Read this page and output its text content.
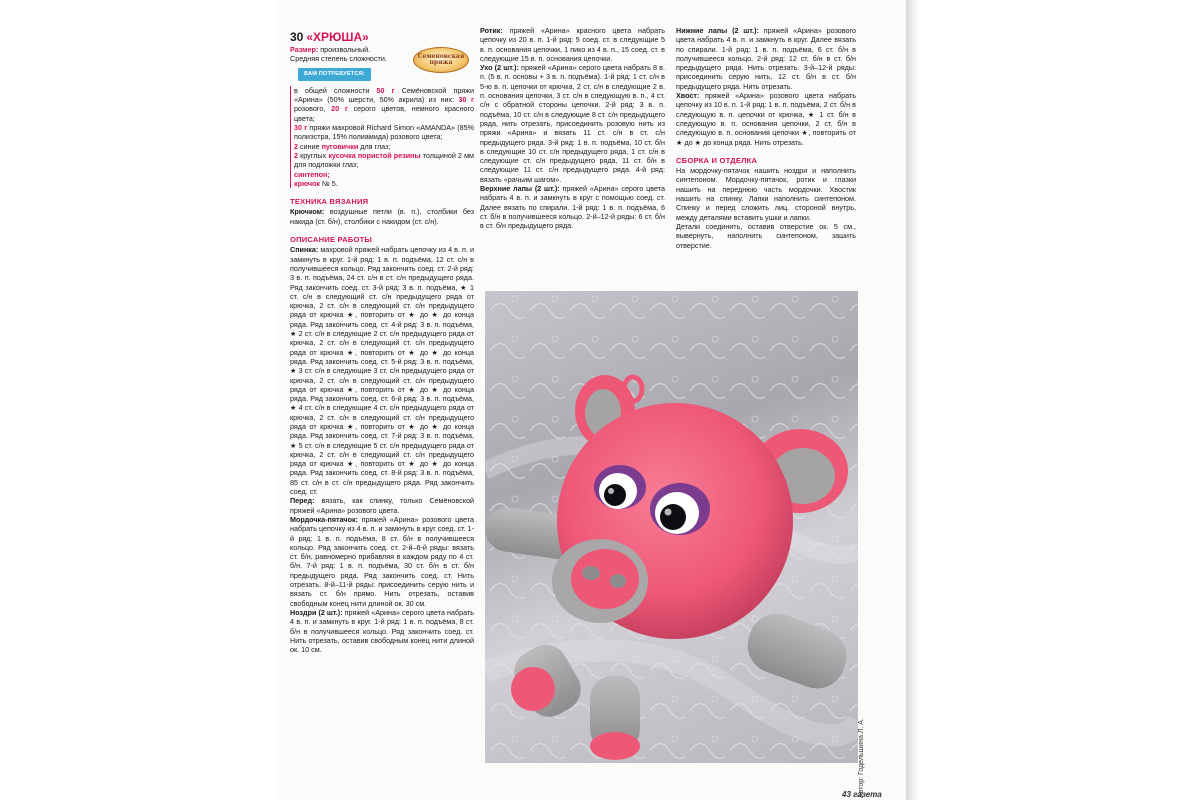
30 «ХРЮША»
Размер: произвольный.
Средняя степень сложности.
ВАМ ПОТРЕБУЕТСЯ:

в общей сложности 50 г Семёновской пряжи «Арина» (50% шерсти, 50% акрила) из них: 30 г розового, 20 г серого цветов, немного красного цвета;

30 г пряжи махровой Richard Simon «AMANDA» (85% полиэстра, 15% полиамида) розового цвета;

2 синие пуговички для глаз;

2 круглых кусочка пористой резины толщиной 2 мм для подложки глаз;

синтепон;

крючок № 5.

ТЕХНИКА ВЯЗАНИЯ

Крючком: воздушные петли (в. п.), столбики без накида (ст. б/н), столбики с накидом (ст. с/н).

ОПИСАНИЕ РАБОТЫ

Спинка: махровой пряжей набрать цепочку из 4 в. п. и замкнуть в круг. 1-й ряд: 1 в. п. подъёма, 12 ст. с/н в получившееся кольцо. Ряд закончить соед. ст. 2-й ряд: 3 в. п. подъёма, 24 ст. с/н в ст. с/н предыдущего ряда. Ряд закончить соед. ст. 3-й ряд: 3 в. п. подъёма, ★ 1 ст. с/н в следующий ст. с/н предыдущего ряда от крючка, 2 ст. с/н в следующий ст. с/н предыдущего ряда от крючка ★, повторить от ★ до ★ до конца ряда. Ряд закончить соед. ст. 4-й ряд: 3 в. п. подъёма, ★ 2 ст. с/н в следующие 2 ст. с/н предыдущего ряда от крючка, 2 ст. с/н в следующий ст. с/н предыдущего ряда от крючка ★, повторить от ★ до ★ до конца ряда. Ряд закончить соед. ст. 5-й ряд: 3 в. п. подъёма, ★ 3 ст. с/н в следующие 3 ст. с/н предыдущего ряда от крючка, 2 ст. с/н в следующий ст. с/н предыдущего ряда от крючка ★, повторить от ★ до ★ до конца ряда. Ряд закончить соед. ст. 6-й ряд: 3 в. п. подъёма, ★ 4 ст. с/н в следующие 4 ст. с/н предыдущего ряда от крючка, 2 ст. с/н в следующий ст. с/н предыдущего ряда от крючка ★, повторить от ★ до ★ до конца ряда. Ряд закончить соед. ст. 7-й ряд: 3 в. п. подъёма, ★ 5 ст. с/н в следующие 5 ст. с/н предыдущего ряда от крючка, 2 ст. с/н в следующий ст. с/н предыдущего ряда от крючка ★, повторить от ★ до ★ до конца ряда. Ряд закончить соед. ст. 8-й ряд: 3 в. п. подъёма, 85 ст. с/н в ст. с/н предыдущего ряда. Ряд закончить соед. ст.

Перед: вязать, как спинку, только Семёновской пряжей «Арина» розового цвета.

Мордочка-пятачок: пряжей «Арина» розового цвета набрать цепочку из 4 в. п. и замкнуть в круг соед. ст. 1-й ряд: 1 в. п. подъёма, 8 ст. б/н в получившееся кольцо. Ряд закончить соед. ст. 2-й–6-й ряды: вязать ст. б/н, равномерно прибавляя в каждом ряду по 4 ст. б/н. 7-й ряд: 1 в. п. подъёма, 30 ст. б/н в ст. б/н предыдущего ряда. Ряд закончить соед. ст. Нить отрезать. 8-й–11-й ряды: присоединить серую нить и вязать ст. б/н прямо. Нить отрезать, оставив свободным конец нити длиной ок. 30 см.

Ноздри (2 шт.): пряжей «Арина» серого цвета набрать 4 в. п. и замкнуть в круг. 1-й ряд: 1 в. п. подъёма, 8 ст. б/н в получившееся кольцо. Ряд закончить соед. ст. Нить отрезать, оставив свободным конец нити длиной ок. 10 см.

Семеновская пряжа

Ротик: пряжей «Арина» красного цвета набрать цепочку из 20 в. п. 1-й ряд: 5 соед. ст. в следующие 5 в. п. основания цепочки, 1 пико из 4 в. п., 15 соед. ст. в следующие 15 в. п. основания цепочки.

Ухо (2 шт.): пряжей «Арина» серого цвета набрать 8 в. п. (5 в. п. основы + 3 в. п. подъёма). 1-й ряд: 1 ст. с/н в 5-ю в. п. цепочки от крючка, 2 ст. с/н в следующие 2 в. п. основания цепочки, 3 ст. с/н в следующую в. п., 4 ст. с/н с обратной стороны цепочки. 2-й ряд: 3 в. п. подъёма, 10 ст. с/н в следующие 8 ст. с/н предыдущего ряда, нить отрезать, присоединить розовую нить из пряжи «Арина» и вязать 11 ст. с/н в ст. с/н предыдущего ряда. 3-й ряд: 1 в. п. подъёма, 10 ст. б/н в следующие 10 ст. с/н предыдущего ряда, 1 ст. с/н в следующие ст. с/н предыдущего ряда, 11 ст. б/н в следующие 11 ст. с/н предыдущего ряда. 4-й ряд: вязать «рачьим шагом».

Верхние лапы (2 шт.): пряжей «Арина» серого цвета набрать 4 в. п. и замкнуть в круг с помощью соед. ст. Далее вязать по спирали. 1-й ряд: 1 в. п. подъёма, 6 ст. б/н в получившееся кольцо. 2-й–12-й ряды: 6 ст. б/н в ст. б/н предыдущего ряда.

Нижние лапы (2 шт.): пряжей «Арина» розового цвета набрать 4 в. п. и замкнуть в круг. Далее вязать по спирали. 1-й ряд: 1 в. п. подъёма, 6 ст. б/н в получившееся кольцо. 2-й ряд: 12 ст. б/н в ст. б/н предыдущего ряда. Нить отрезать. 3-й–12-й ряды: присоединить серую нить, 12 ст. б/н в ст. б/н предыдущего ряда. Нить отрезать.

Хвост: пряжей «Арина» розового цвета набрать цепочку из 10 в. п. 1-й ряд: 1 в. п. подъёма, 2 ст. б/н в следующую в. п. цепочки от крючка, ★ 1 ст. б/н в следующую в. п. основания цепочки, 2 ст. б/н в следующую в. п. основания цепочки ★, повторить от ★ до ★ до конца ряда. Нить отрезать.

СБОРКА И ОТДЕЛКА

На мордочку-пятачок нашить ноздри и наполнить синтепоном. Мордочку-пятачок, ротик и глазки нашить на переднюю часть мордочки. Хвостик нашить на спинку. Лапки наполнить синтепоном. Спинку и перед сложить лиц. стороной внутрь, между деталями вставить ушки и лапки.

Детали соединить, оставив отверстие ок. 5 см., вывернуть, наполнить синтепоном, зашить отверстие.

Автор: Годельшина Л. А.
43 газета
